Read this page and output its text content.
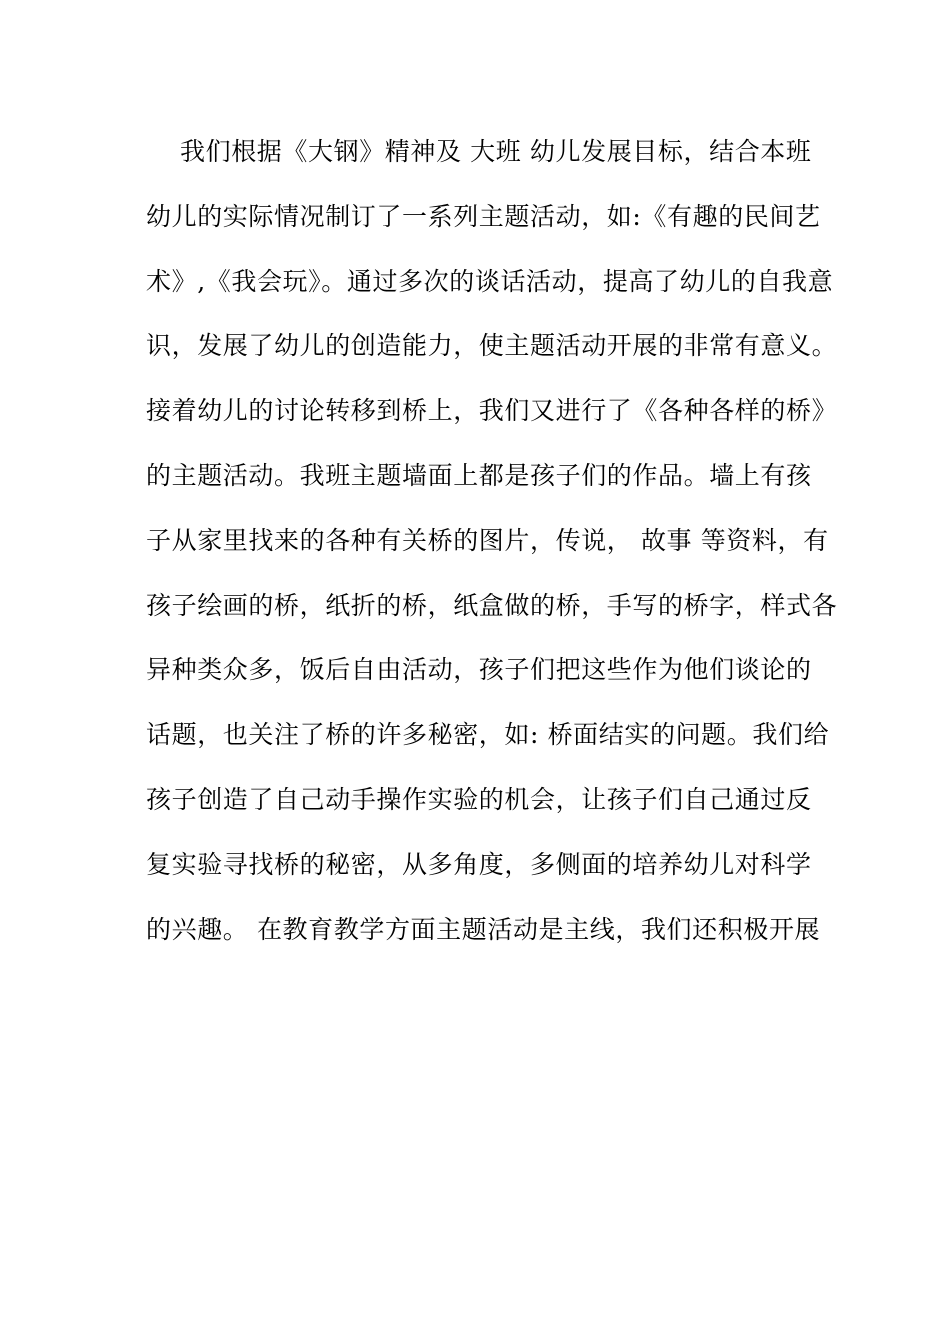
我们根据《大钢》精神及 大班 幼儿发展目标，结合本班
幼儿的实际情况制订了一系列主题活动，如:《有趣的民间艺
术》,《我会玩》。通过多次的谈话活动，提高了幼儿的自我意
识，发展了幼儿的创造能力，使主题活动开展的非常有意义。
接着幼儿的讨论转移到桥上，我们又进行了《各种各样的桥》
的主题活动。我班主题墙面上都是孩子们的作品。墙上有孩
子从家里找来的各种有关桥的图片，传说， 故事 等资料，有
孩子绘画的桥，纸折的桥，纸盒做的桥，手写的桥字，样式各
异种类众多，饭后自由活动，孩子们把这些作为他们谈论的
话题，也关注了桥的许多秘密，如: 桥面结实的问题。我们给
孩子创造了自己动手操作实验的机会，让孩子们自己通过反
复实验寻找桥的秘密，从多角度，多侧面的培养幼儿对科学
的兴趣。 在教育教学方面主题活动是主线，我们还积极开展
